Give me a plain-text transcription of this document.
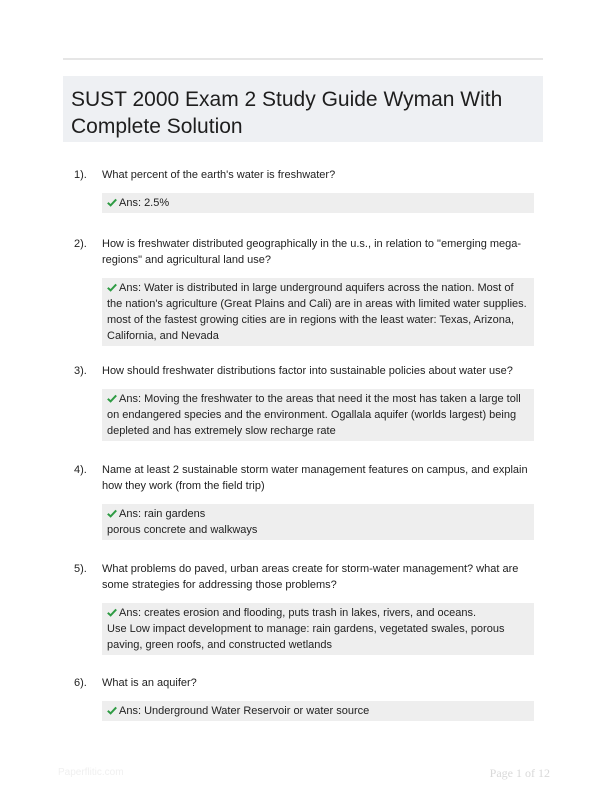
SUST 2000 Exam 2 Study Guide Wyman With Complete Solution
1).	What percent of the earth's water is freshwater?
Ans: 2.5%
2).	How is freshwater distributed geographically in the u.s., in relation to "emerging mega-regions" and agricultural land use?
Ans: Water is distributed in large underground aquifers across the nation. Most of the nation's agriculture (Great Plains and Cali) are in areas with limited water supplies. most of the fastest growing cities are in regions with the least water: Texas, Arizona, California, and Nevada
3).	How should freshwater distributions factor into sustainable policies about water use?
Ans: Moving the freshwater to the areas that need it the most has taken a large toll on endangered species and the environment. Ogallala aquifer (worlds largest) being depleted and has extremely slow recharge rate
4).	Name at least 2 sustainable storm water management features on campus, and explain how they work (from the field trip)
Ans: rain gardens
porous concrete and walkways
5).	What problems do paved, urban areas create for storm-water management? what are some strategies for addressing those problems?
Ans: creates erosion and flooding, puts trash in lakes, rivers, and oceans.
Use Low impact development to manage: rain gardens, vegetated swales, porous paving, green roofs, and constructed wetlands
6).	What is an aquifer?
Ans: Underground Water Reservoir or water source
Paperflitic.com	Page 1 of 12
